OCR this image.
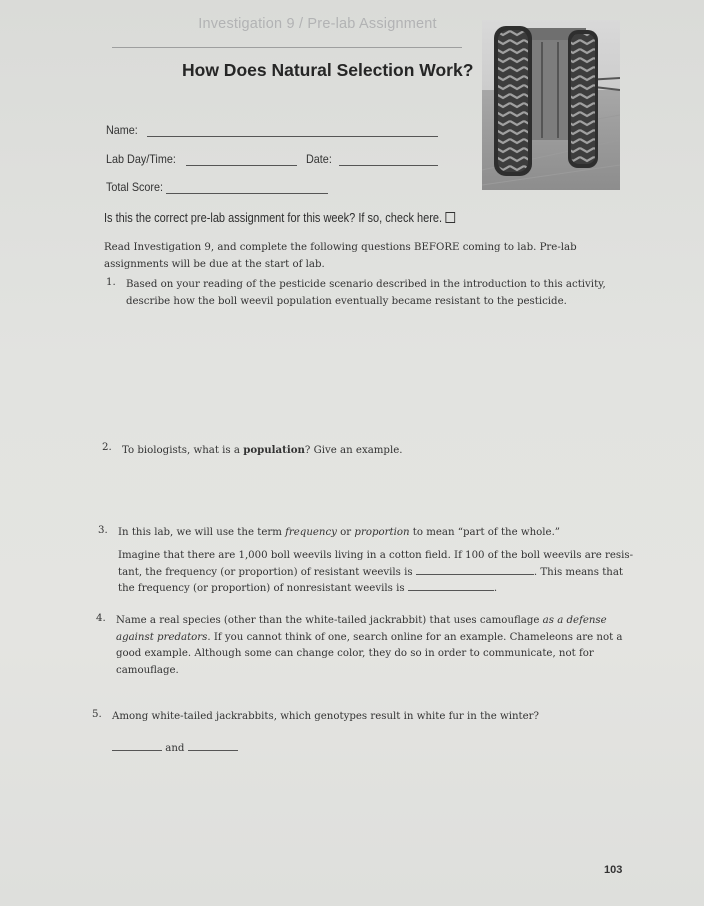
Investigation 9 / Pre-lab Assignment
How Does Natural Selection Work?
Name:
Lab Day/Time:	Date:
Total Score:
Is this the correct pre-lab assignment for this week? If so, check here.
Read Investigation 9, and complete the following questions BEFORE coming to lab. Pre-lab assignments will be due at the start of lab.
1. Based on your reading of the pesticide scenario described in the introduction to this activity, describe how the boll weevil population eventually became resistant to the pesticide.
2. To biologists, what is a population? Give an example.
3. In this lab, we will use the term frequency or proportion to mean “part of the whole.”
Imagine that there are 1,000 boll weevils living in a cotton field. If 100 of the boll weevils are resis-
tant, the frequency (or proportion) of resistant weevils is	. This means that
the frequency (or proportion) of nonresistant weevils is	.
4. Name a real species (other than the white-tailed jackrabbit) that uses camouflage as a defense against predators. If you cannot think of one, search online for an example. Chameleons are not a good example. Although some can change color, they do so in order to communicate, not for camouflage.
5. Among white-tailed jackrabbits, which genotypes result in white fur in the winter?
and
103
